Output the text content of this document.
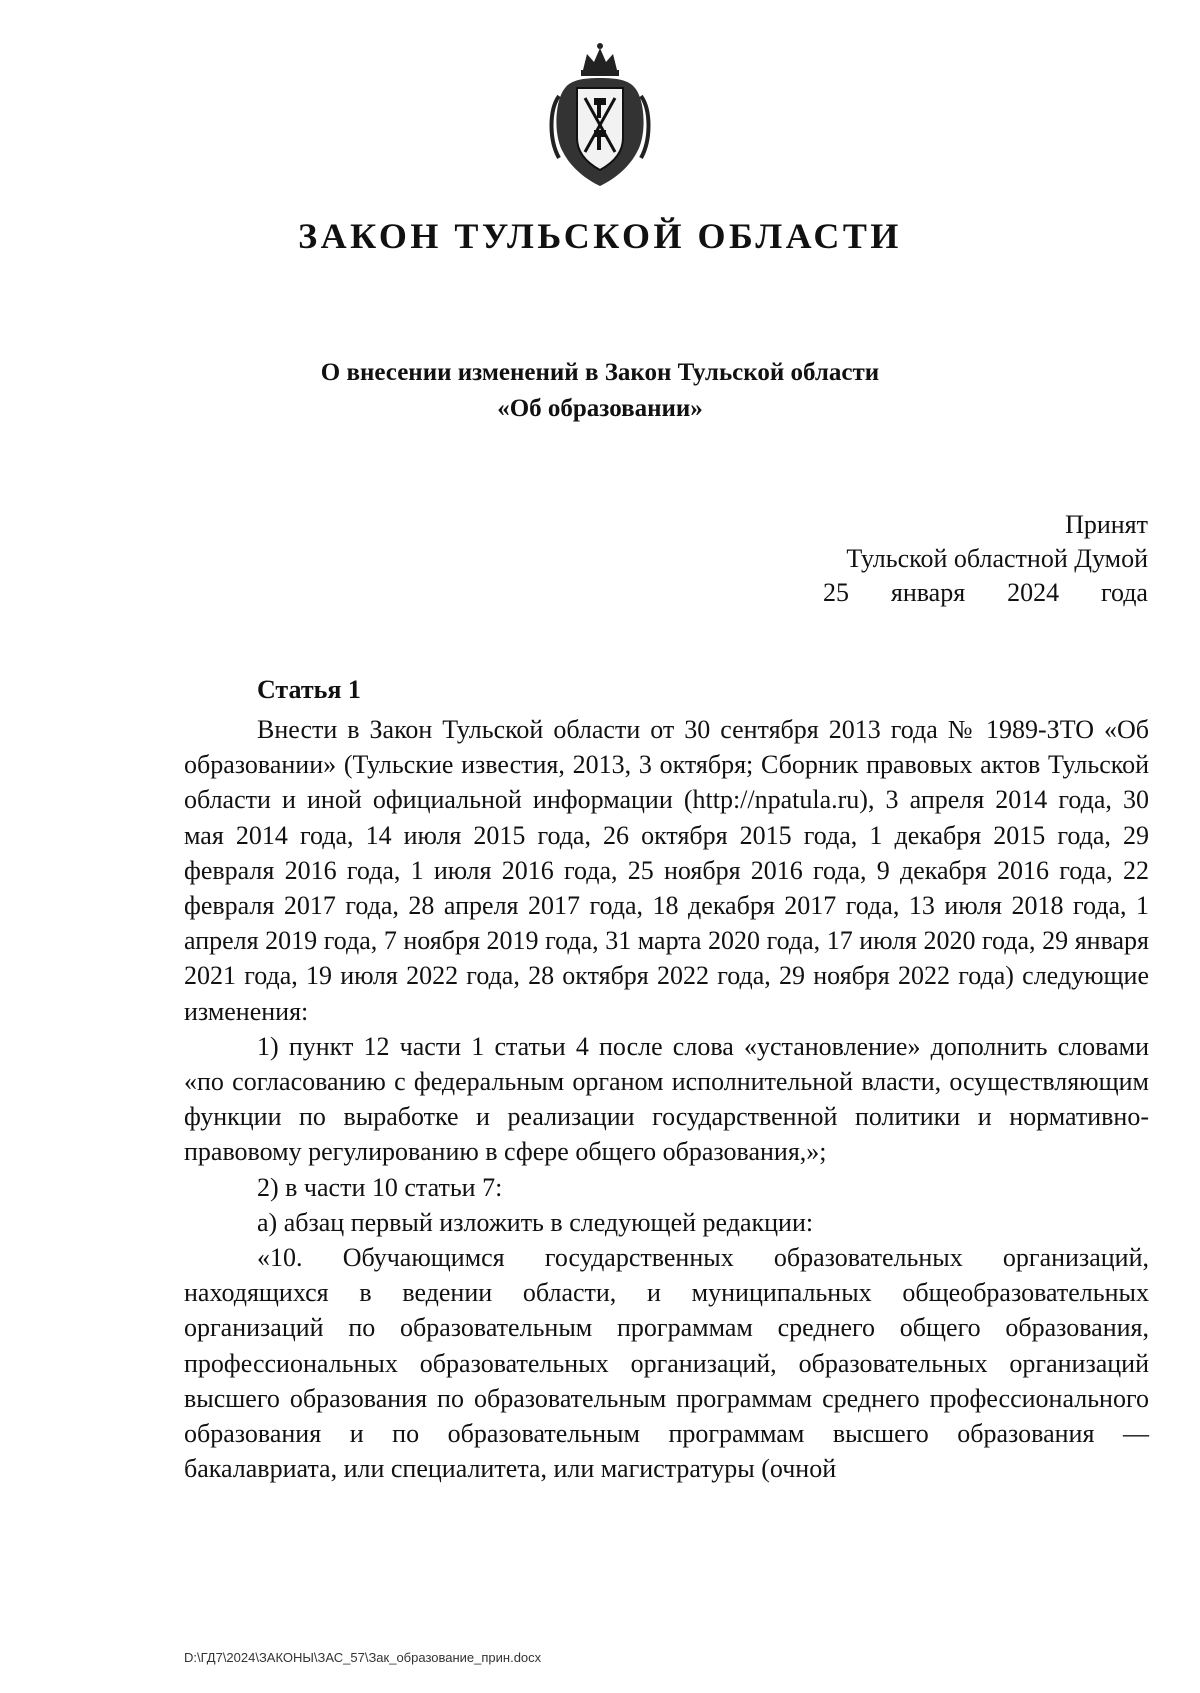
ЗАКОН ТУЛЬСКОЙ ОБЛАСТИ
О внесении изменений в Закон Тульской области
«Об образовании»
Принят
Тульской областной Думой
25 января 2024 года
Статья 1

Внести в Закон Тульской области от 30 сентября 2013 года № 1989-ЗТО «Об образовании» (Тульские известия, 2013, 3 октября; Сборник правовых актов Тульской области и иной официальной информации (http://npatula.ru), 3 апреля 2014 года, 30 мая 2014 года, 14 июля 2015 года, 26 октября 2015 года, 1 декабря 2015 года, 29 февраля 2016 года, 1 июля 2016 года, 25 ноября 2016 года, 9 декабря 2016 года, 22 февраля 2017 года, 28 апреля 2017 года, 18 декабря 2017 года, 13 июля 2018 года, 1 апреля 2019 года, 7 ноября 2019 года, 31 марта 2020 года, 17 июля 2020 года, 29 января 2021 года, 19 июля 2022 года, 28 октября 2022 года, 29 ноября 2022 года) следующие изменения:

1) пункт 12 части 1 статьи 4 после слова «установление» дополнить словами «по согласованию с федеральным органом исполнительной власти, осуществляющим функции по выработке и реализации государственной политики и нормативно-правовому регулированию в сфере общего образования,»;

2) в части 10 статьи 7:

а) абзац первый изложить в следующей редакции:

«10. Обучающимся государственных образовательных организаций, находящихся в ведении области, и муниципальных общеобразовательных организаций по образовательным программам среднего общего образования, профессиональных образовательных организаций, образовательных организаций высшего образования по образовательным программам среднего профессионального образования и по образовательным программам высшего образования — бакалавриата, или специалитета, или магистратуры (очной

D:\ГД7\2024\ЗАКОНЫ\ЗАС_57\Зак_образование_прин.docx
